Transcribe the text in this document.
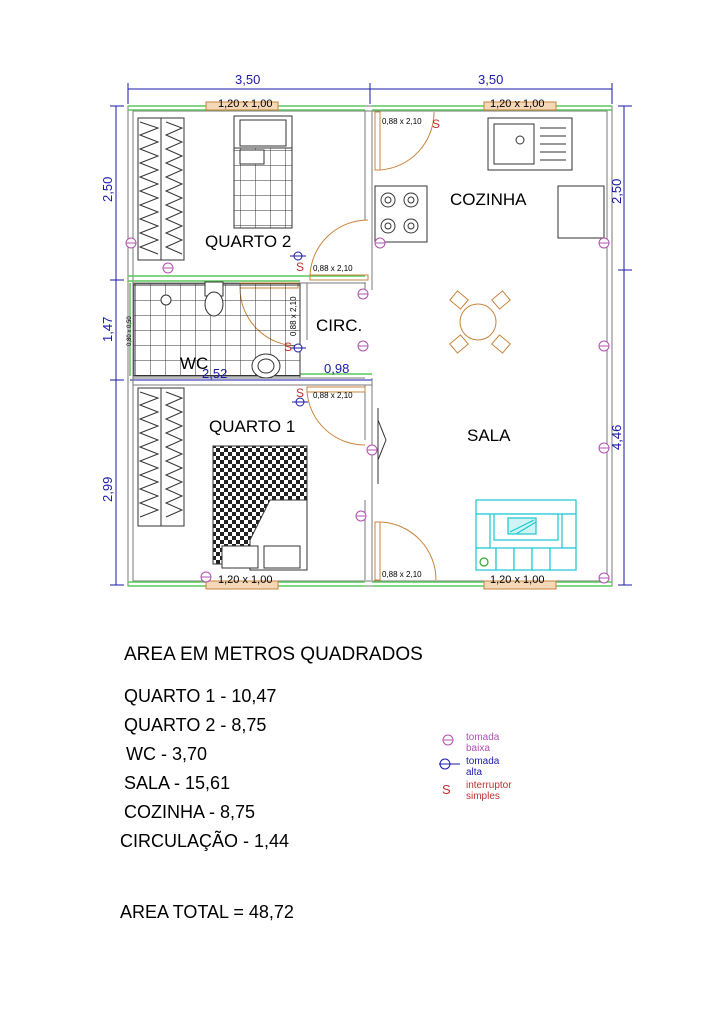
S
S
S
S
QUARTO 2
COZINHA
CIRC.
WC
QUARTO 1	SALA
3,50	3,50
2,50
1,47
2,99
2,50
4,46
2,52	0,98
1,20 x 1,00	1,20 x 1,00
1,20 x 1,00	1,20 x 1,00
0,88 x 2,10
0,88 x 2,10
0,88 x 2,10
0,88 x 2,10
0,88 x 2,10
0,80 x 0,50
AREA EM METROS QUADRADOS
QUARTO 1 - 10,47
QUARTO 2 - 8,75
WC - 3,70
SALA - 15,61
COZINHA - 8,75
CIRCULAÇÃO - 1,44
AREA TOTAL = 48,72
tomada baixa
tomada alta
S interruptor simples
